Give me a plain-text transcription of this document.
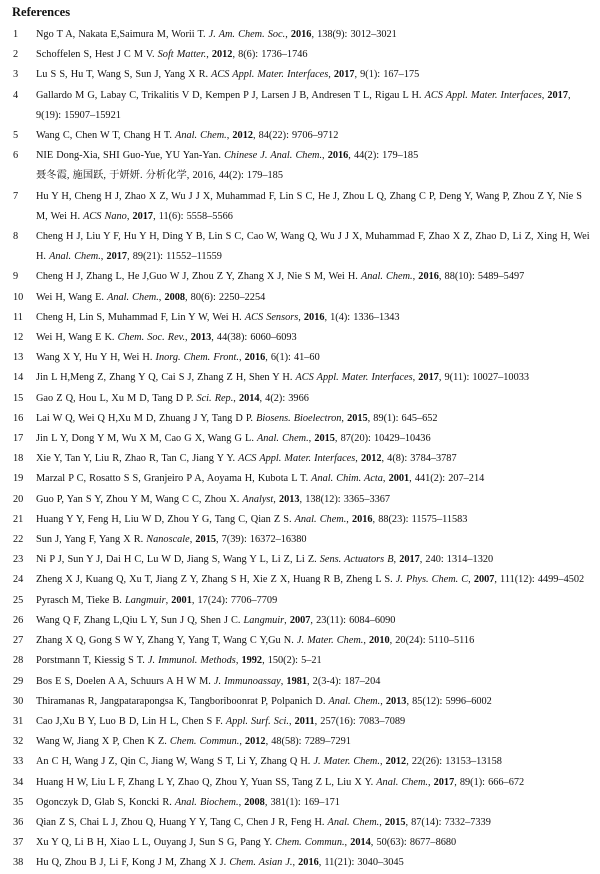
References
1	Ngo T A, Nakata E,Saimura M, Worii T. J. Am. Chem. Soc., 2016, 138(9): 3012–3021
2	Schoffelen S, Hest J C M V. Soft Matter., 2012, 8(6): 1736–1746
3	Lu S S, Hu T, Wang S, Sun J, Yang X R. ACS Appl. Mater. Interfaces, 2017, 9(1): 167–175
4	Gallardo M G, Labay C, Trikalitis V D, Kempen P J, Larsen J B, Andresen T L, Rigau L H. ACS Appl. Mater. Interfaces, 2017, 9(19): 15907–15921
5	Wang C, Chen W T, Chang H T. Anal. Chem., 2012, 84(22): 9706–9712
6	NIE Dong-Xia, SHI Guo-Yue, YU Yan-Yan. Chinese J. Anal. Chem., 2016, 44(2): 179–185
聂冬霞, 施国跃, 于妍妍. 分析化学, 2016, 44(2): 179–185
7	Hu Y H, Cheng H J, Zhao X Z, Wu J J X, Muhammad F, Lin S C, He J, Zhou L Q, Zhang C P, Deng Y, Wang P, Zhou Z Y, Nie S M, Wei H. ACS Nano, 2017, 11(6): 5558–5566
8	Cheng H J, Liu Y F, Hu Y H, Ding Y B, Lin S C, Cao W, Wang Q, Wu J J X, Muhammad F, Zhao X Z, Zhao D, Li Z, Xing H, Wei H. Anal. Chem., 2017, 89(21): 11552–11559
9	Cheng H J, Zhang L, He J,Guo W J, Zhou Z Y, Zhang X J, Nie S M, Wei H. Anal. Chem., 2016, 88(10): 5489–5497
10	Wei H, Wang E. Anal. Chem., 2008, 80(6): 2250–2254
11	Cheng H, Lin S, Muhammad F, Lin Y W, Wei H. ACS Sensors, 2016, 1(4): 1336–1343
12	Wei H, Wang E K. Chem. Soc. Rev., 2013, 44(38): 6060–6093
13	Wang X Y, Hu Y H, Wei H. Inorg. Chem. Front., 2016, 6(1): 41–60
14	Jin L H,Meng Z, Zhang Y Q, Cai S J, Zhang Z H, Shen Y H. ACS Appl. Mater. Interfaces, 2017, 9(11): 10027–10033
15	Gao Z Q, Hou L, Xu M D, Tang D P. Sci. Rep., 2014, 4(2): 3966
16	Lai W Q, Wei Q H,Xu M D, Zhuang J Y, Tang D P. Biosens. Bioelectron, 2015, 89(1): 645–652
17	Jin L Y, Dong Y M, Wu X M, Cao G X, Wang G L. Anal. Chem., 2015, 87(20): 10429–10436
18	Xie Y, Tan Y, Liu R, Zhao R, Tan C, Jiang Y Y. ACS Appl. Mater. Interfaces, 2012, 4(8): 3784–3787
19	Marzal P C, Rosatto S S, Granjeiro P A, Aoyama H, Kubota L T. Anal. Chim. Acta, 2001, 441(2): 207–214
20	Guo P, Yan S Y, Zhou Y M, Wang C C, Zhou X. Analyst, 2013, 138(12): 3365–3367
21	Huang Y Y, Feng H, Liu W D, Zhou Y G, Tang C, Qian Z S. Anal. Chem., 2016, 88(23): 11575–11583
22	Sun J, Yang F, Yang X R. Nanoscale, 2015, 7(39): 16372–16380
23	Ni P J, Sun Y J, Dai H C, Lu W D, Jiang S, Wang Y L, Li Z, Li Z. Sens. Actuators B, 2017, 240: 1314–1320
24	Zheng X J, Kuang Q, Xu T, Jiang Z Y, Zhang S H, Xie Z X, Huang R B, Zheng L S. J. Phys. Chem. C, 2007, 111(12): 4499–4502
25	Pyrasch M, Tieke B. Langmuir, 2001, 17(24): 7706–7709
26	Wang Q F, Zhang L,Qiu L Y, Sun J Q, Shen J C. Langmuir, 2007, 23(11): 6084–6090
27	Zhang X Q, Gong S W Y, Zhang Y, Yang T, Wang C Y,Gu N. J. Mater. Chem., 2010, 20(24): 5110–5116
28	Porstmann T, Kiessig S T. J. Immunol. Methods, 1992, 150(2): 5–21
29	Bos E S, Doelen A A, Schuurs A H W M. J. Immunoassay, 1981, 2(3-4): 187–204
30	Thiramanas R, Jangpatarapongsa K, Tangboriboonrat P, Polpanich D. Anal. Chem., 2013, 85(12): 5996–6002
31	Cao J,Xu B Y, Luo B D, Lin H L, Chen S F. Appl. Surf. Sci., 2011, 257(16): 7083–7089
32	Wang W, Jiang X P, Chen K Z. Chem. Commun., 2012, 48(58): 7289–7291
33	An C H, Wang J Z, Qin C, Jiang W, Wang S T, Li Y, Zhang Q H. J. Mater. Chem., 2012, 22(26): 13153–13158
34	Huang H W, Liu L F, Zhang L Y, Zhao Q, Zhou Y, Yuan SS, Tang Z L, Liu X Y. Anal. Chem., 2017, 89(1): 666–672
35	Ogonczyk D, Glab S, Koncki R. Anal. Biochem., 2008, 381(1): 169–171
36	Qian Z S, Chai L J, Zhou Q, Huang Y Y, Tang C, Chen J R, Feng H. Anal. Chem., 2015, 87(14): 7332–7339
37	Xu Y Q, Li B H, Xiao L L, Ouyang J, Sun S G, Pang Y. Chem. Commun., 2014, 50(63): 8677–8680
38	Hu Q, Zhou B J, Li F, Kong J M, Zhang X J. Chem. Asian J., 2016, 11(21): 3040–3045
